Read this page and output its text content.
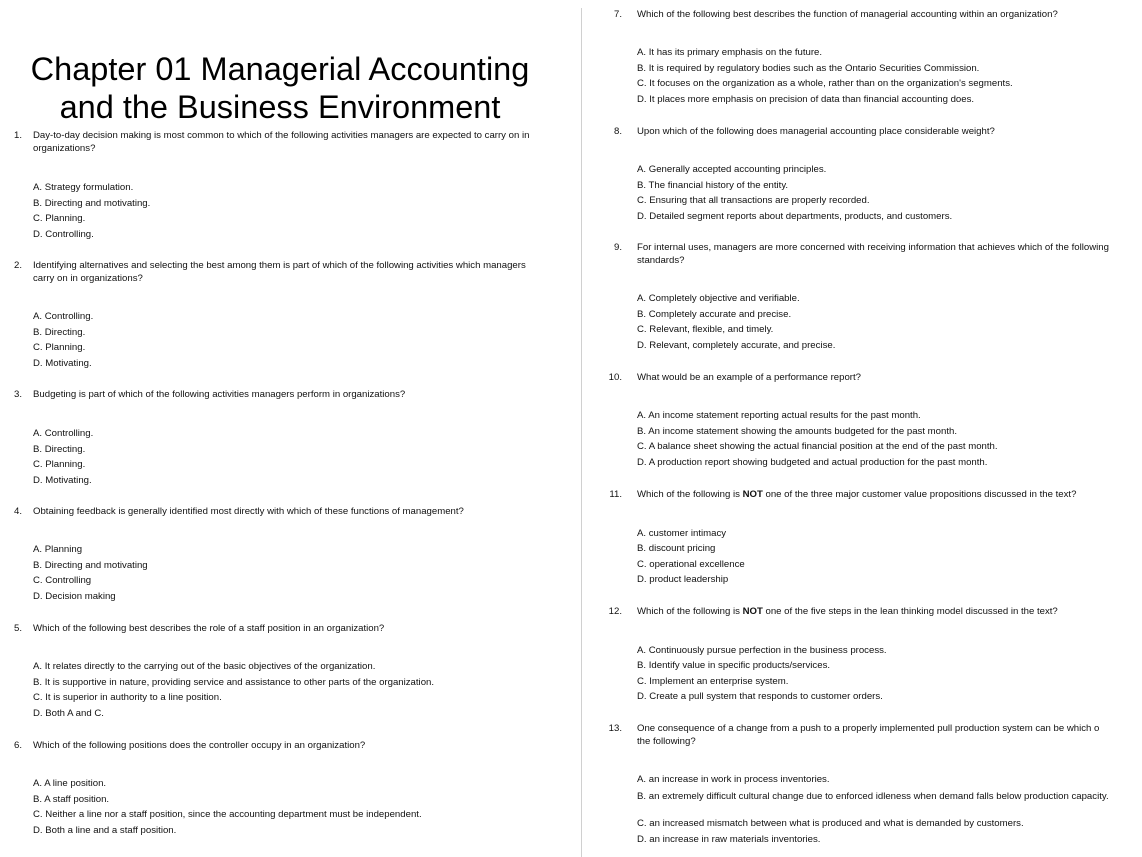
Chapter 01 Managerial Accounting and the Business Environment
1. Day-to-day decision making is most common to which of the following activities managers are expected to carry on in organizations?
A. Strategy formulation.
B. Directing and motivating.
C. Planning.
D. Controlling.
2. Identifying alternatives and selecting the best among them is part of which of the following activities which managers carry on in organizations?
A. Controlling.
B. Directing.
C. Planning.
D. Motivating.
3. Budgeting is part of which of the following activities managers perform in organizations?
A. Controlling.
B. Directing.
C. Planning.
D. Motivating.
4. Obtaining feedback is generally identified most directly with which of these functions of management?
A. Planning
B. Directing and motivating
C. Controlling
D. Decision making
5. Which of the following best describes the role of a staff position in an organization?
A. It relates directly to the carrying out of the basic objectives of the organization.
B. It is supportive in nature, providing service and assistance to other parts of the organization.
C. It is superior in authority to a line position.
D. Both A and C.
6. Which of the following positions does the controller occupy in an organization?
A. A line position.
B. A staff position.
C. Neither a line nor a staff position, since the accounting department must be independent.
D. Both a line and a staff position.
7. Which of the following best describes the function of managerial accounting within an organization?
A. It has its primary emphasis on the future.
B. It is required by regulatory bodies such as the Ontario Securities Commission.
C. It focuses on the organization as a whole, rather than on the organization's segments.
D. It places more emphasis on precision of data than financial accounting does.
8. Upon which of the following does managerial accounting place considerable weight?
A. Generally accepted accounting principles.
B. The financial history of the entity.
C. Ensuring that all transactions are properly recorded.
D. Detailed segment reports about departments, products, and customers.
9. For internal uses, managers are more concerned with receiving information that achieves which of the following standards?
A. Completely objective and verifiable.
B. Completely accurate and precise.
C. Relevant, flexible, and timely.
D. Relevant, completely accurate, and precise.
10. What would be an example of a performance report?
A. An income statement reporting actual results for the past month.
B. An income statement showing the amounts budgeted for the past month.
C. A balance sheet showing the actual financial position at the end of the past month.
D. A production report showing budgeted and actual production for the past month.
11. Which of the following is NOT one of the three major customer value propositions discussed in the text?
A. customer intimacy
B. discount pricing
C. operational excellence
D. product leadership
12. Which of the following is NOT one of the five steps in the lean thinking model discussed in the text?
A. Continuously pursue perfection in the business process.
B. Identify value in specific products/services.
C. Implement an enterprise system.
D. Create a pull system that responds to customer orders.
13. One consequence of a change from a push to a properly implemented pull production system can be which o
the following?
A. an increase in work in process inventories.
B. an extremely difficult cultural change due to enforced idleness when demand falls below production capacity.
C. an increased mismatch between what is produced and what is demanded by customers.
D. an increase in raw materials inventories.
